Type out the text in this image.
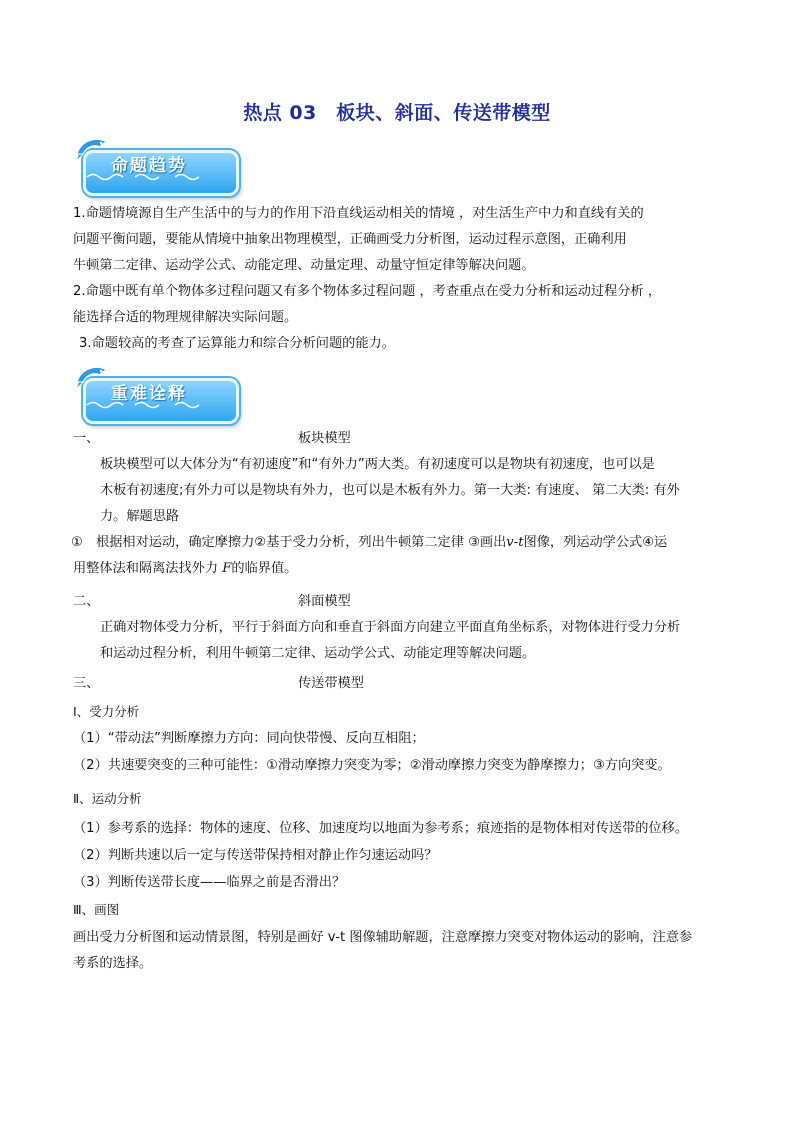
热点 03　板块、斜面、传送带模型
命题趋势

1.命题情境源自生产生活中的与力的作用下沿直线运动相关的情境 ，对生活生产中力和直线有关的

问题平衡问题，要能从情境中抽象出物理模型，正确画受力分析图，运动过程示意图，正确利用

牛顿第二定律、运动学公式、动能定理、动量定理、动量守恒定律等解决问题。

2.命题中既有单个物体多过程问题又有多个物体多过程问题 ，考查重点在受力分析和运动过程分析 ，

能选择合适的物理规律解决实际问题。

3.命题较高的考查了运算能力和综合分析问题的能力。

重难诠释
一、	板块模型

板块模型可以大体分为“有初速度”和“有外力”两大类。有初速度可以是物块有初速度，也可以是

木板有初速度;有外力可以是物块有外力，也可以是木板有外力。第一大类: 有速度、 第二大类: 有外

力。解题思路

①　根据相对运动，确定摩擦力②基于受力分析，列出牛顿第二定律 ③画出v-t图像，列运动学公式④运

用整体法和隔离法找外力 F的临界值。

二、	斜面模型

正确对物体受力分析，平行于斜面方向和垂直于斜面方向建立平面直角坐标系，对物体进行受力分析

和运动过程分析，利用牛顿第二定律、运动学公式、动能定理等解决问题。

三、	传送带模型
Ⅰ、受力分析
（1）“带动法”判断摩擦力方向：同向快带慢、反向互相阻；
（2）共速要突变的三种可能性：①滑动摩擦力突变为零；②滑动摩擦力突变为静摩擦力；③方向突变。
Ⅱ、运动分析
（1）参考系的选择：物体的速度、位移、加速度均以地面为参考系；痕迹指的是物体相对传送带的位移。
（2）判断共速以后一定与传送带保持相对静止作匀速运动吗？
（3）判断传送带长度——临界之前是否滑出？
Ⅲ、画图
画出受力分析图和运动情景图，特别是画好 v-t 图像辅助解题，注意摩擦力突变对物体运动的影响，注意参
考系的选择。
